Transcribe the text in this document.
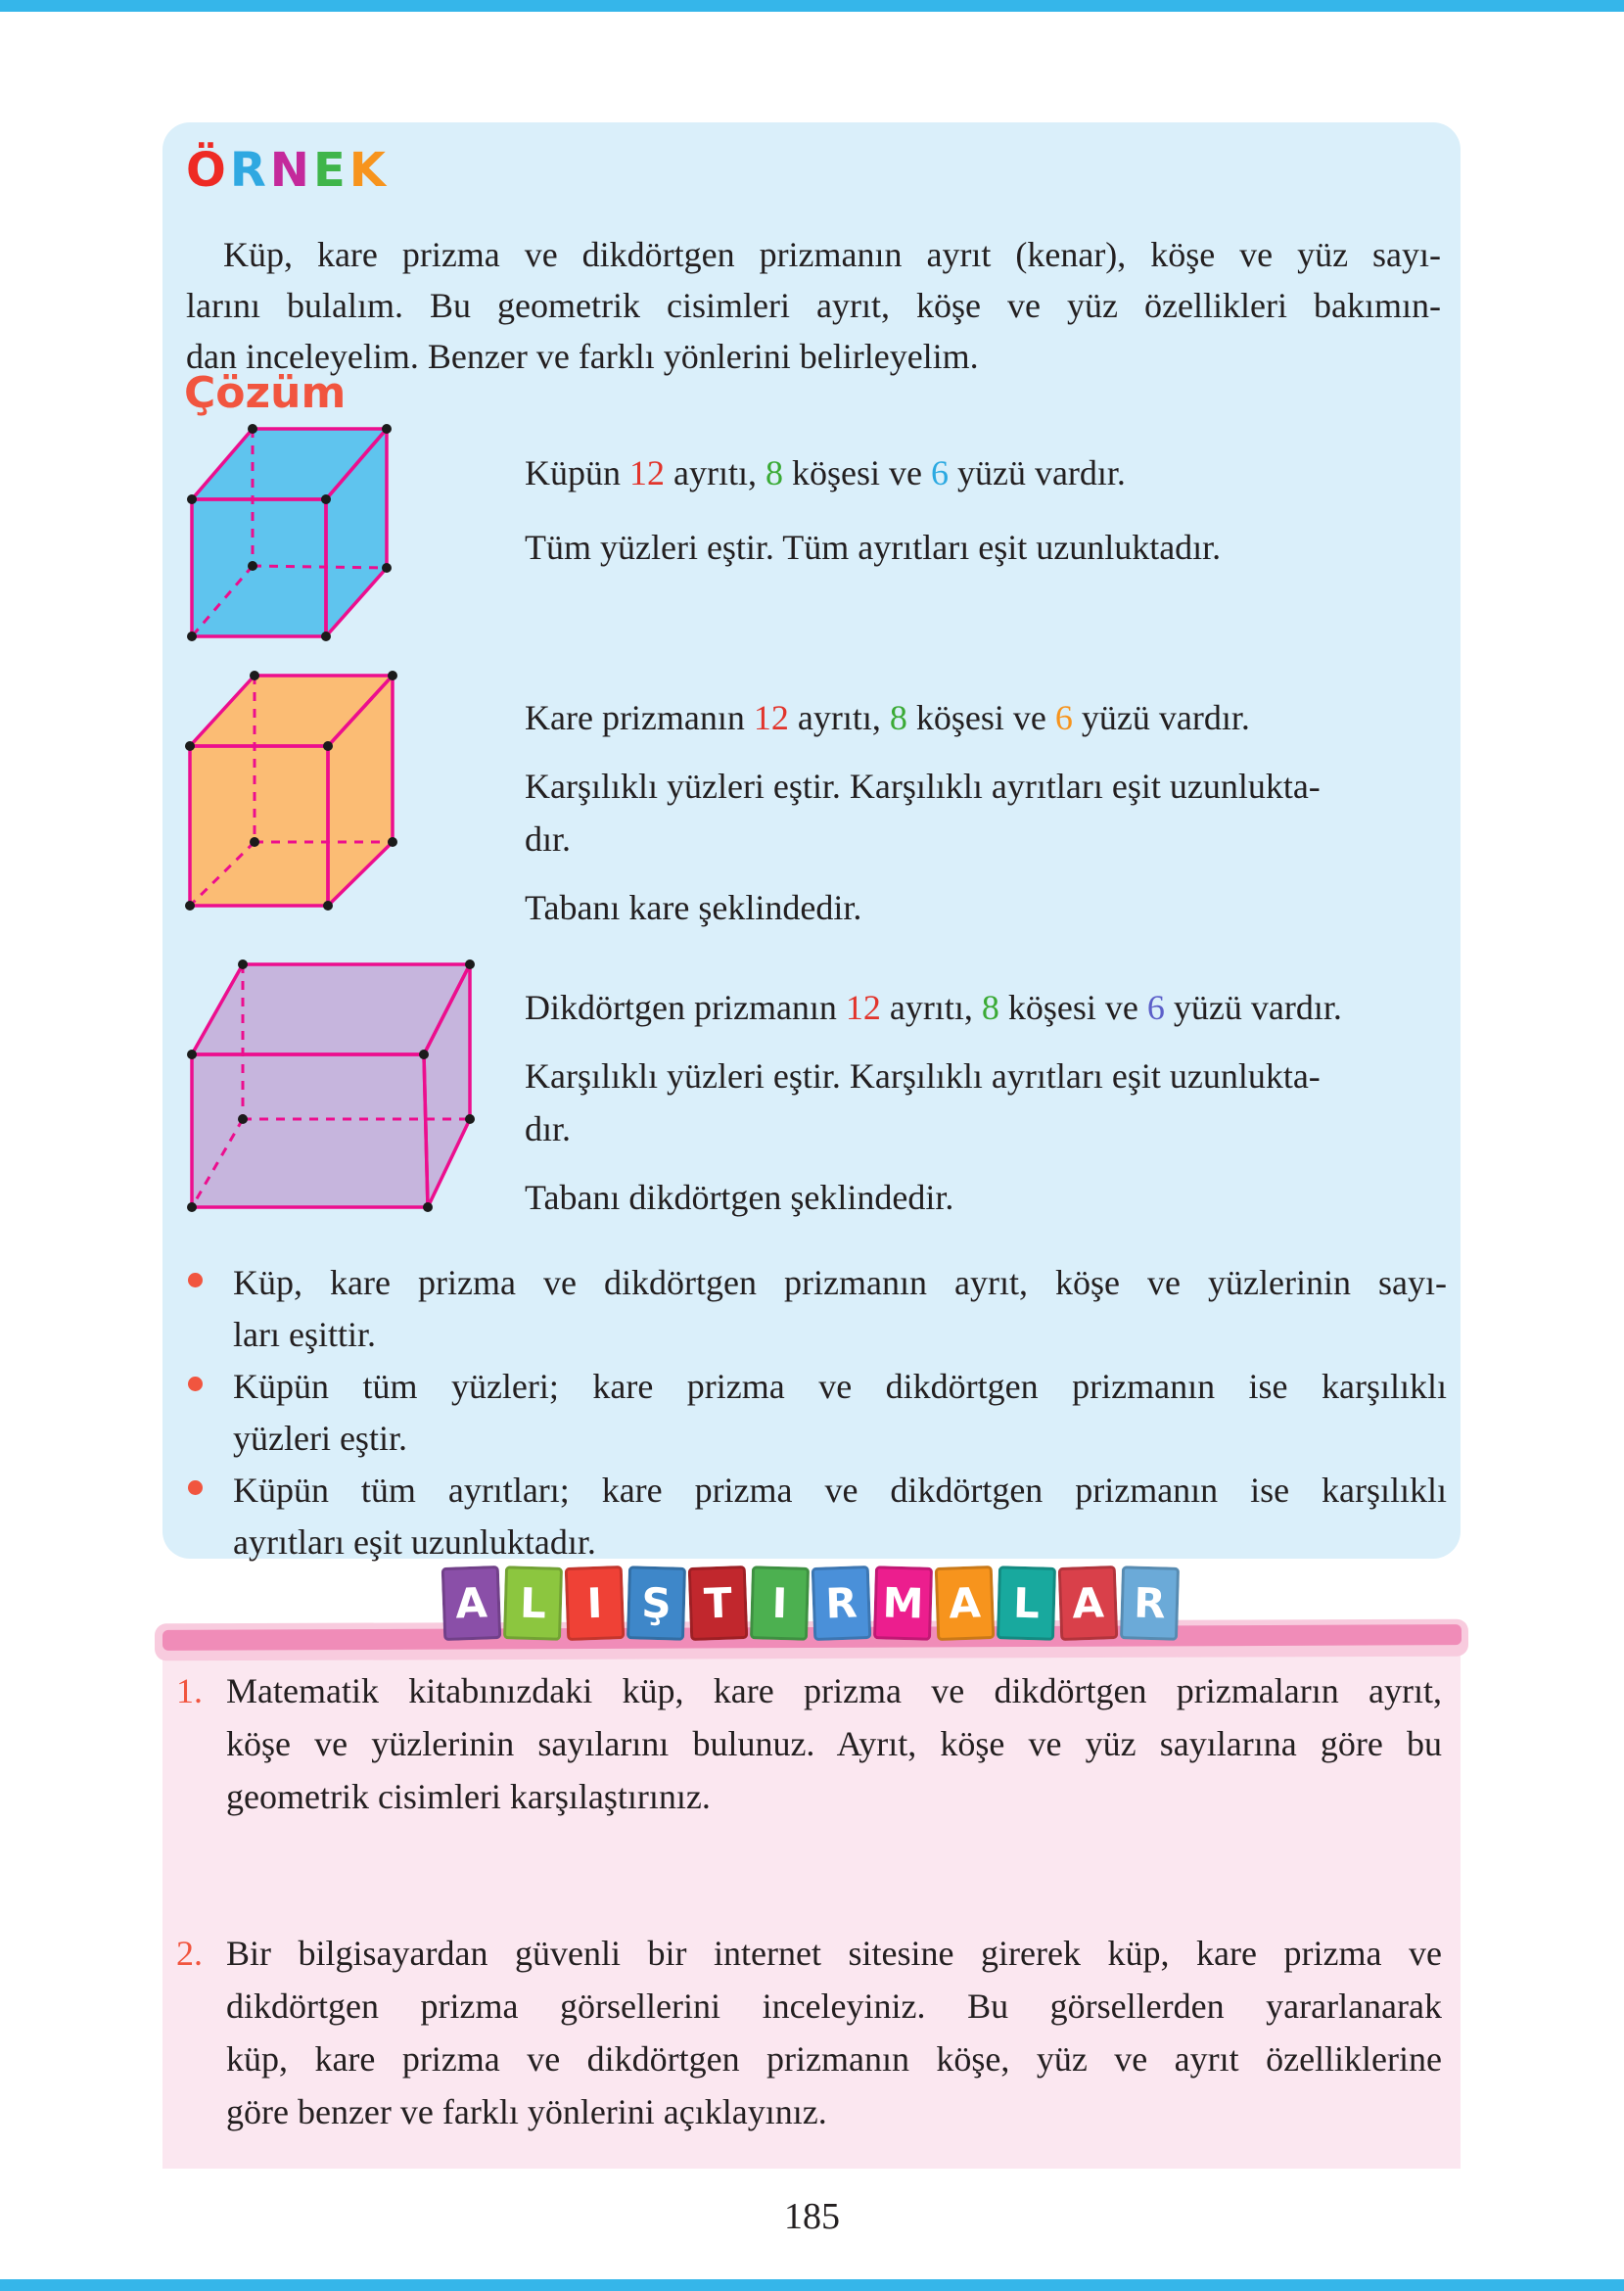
ÖRNEK
Küp, kare prizma ve dikdörtgen prizmanın ayrıt (kenar), köşe ve yüz sayı-
larını bulalım. Bu geometrik cisimleri ayrıt, köşe ve yüz özellikleri bakımın-
dan inceleyelim. Benzer ve farklı yönlerini belirleyelim.
Çözüm
Küpün 12 ayrıtı, 8 köşesi ve 6 yüzü vardır.
Tüm yüzleri eştir. Tüm ayrıtları eşit uzunluktadır.
Kare prizmanın 12 ayrıtı, 8 köşesi ve 6 yüzü vardır.
Karşılıklı yüzleri eştir. Karşılıklı ayrıtları eşit uzunlukta-
dır.
Tabanı kare şeklindedir.
Dikdörtgen prizmanın 12 ayrıtı, 8 köşesi ve 6 yüzü vardır.
Karşılıklı yüzleri eştir. Karşılıklı ayrıtları eşit uzunlukta-
dır.
Tabanı dikdörtgen şeklindedir.
Küp, kare prizma ve dikdörtgen prizmanın ayrıt, köşe ve yüzlerinin sayı-
ları eşittir.
Küpün tüm yüzleri; kare prizma ve dikdörtgen prizmanın ise karşılıklı
yüzleri eştir.
Küpün tüm ayrıtları; kare prizma ve dikdörtgen prizmanın ise karşılıklı
ayrıtları eşit uzunluktadır.
A L I Ş T I R M A L A R
1. Matematik kitabınızdaki küp, kare prizma ve dikdörtgen prizmaların ayrıt,
köşe ve yüzlerinin sayılarını bulunuz. Ayrıt, köşe ve yüz sayılarına göre bu
geometrik cisimleri karşılaştırınız.
2. Bir bilgisayardan güvenli bir internet sitesine girerek küp, kare prizma ve
dikdörtgen prizma görsellerini inceleyiniz. Bu görsellerden yararlanarak
küp, kare prizma ve dikdörtgen prizmanın köşe, yüz ve ayrıt özelliklerine
göre benzer ve farklı yönlerini açıklayınız.
185
